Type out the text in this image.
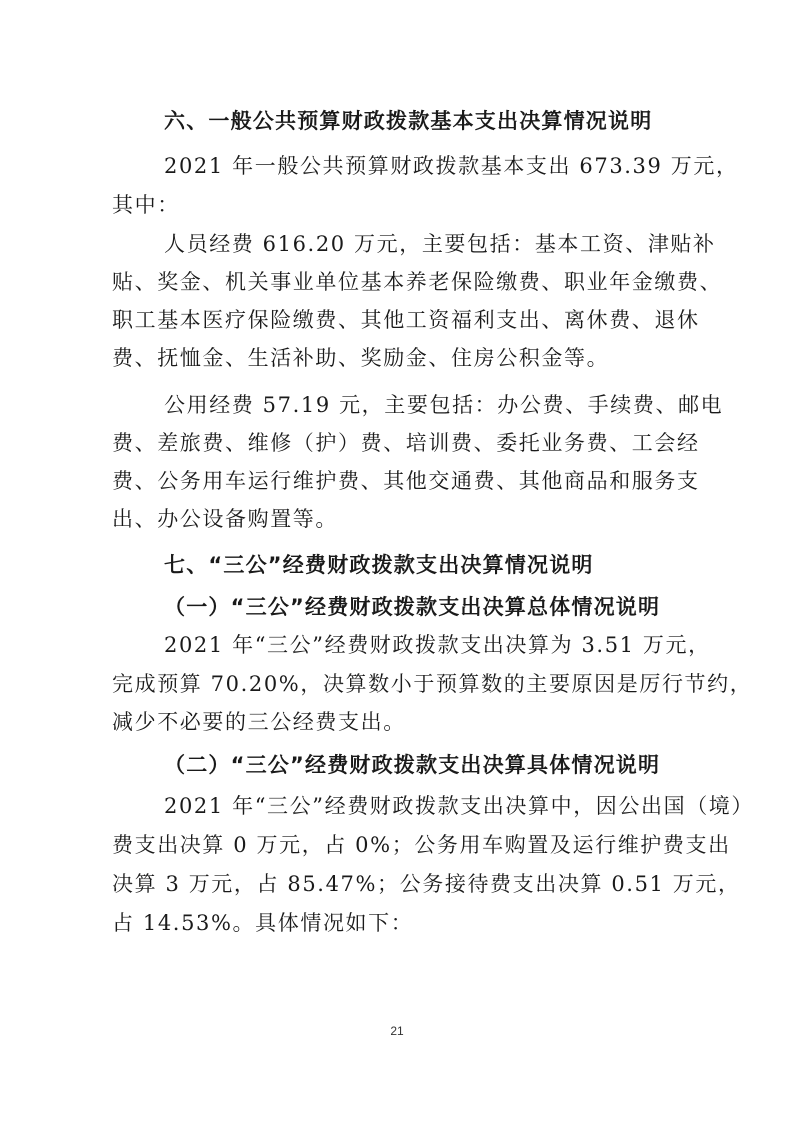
六、一般公共预算财政拨款基本支出决算情况说明
2021 年一般公共预算财政拨款基本支出 673.39 万元，
其中：
人员经费 616.20 万元，主要包括：基本工资、津贴补
贴、奖金、机关事业单位基本养老保险缴费、职业年金缴费、
职工基本医疗保险缴费、其他工资福利支出、离休费、退休
费、抚恤金、生活补助、奖励金、住房公积金等。
公用经费 57.19 元，主要包括：办公费、手续费、邮电
费、差旅费、维修（护）费、培训费、委托业务费、工会经
费、公务用车运行维护费、其他交通费、其他商品和服务支
出、办公设备购置等。
七、“三公”经费财政拨款支出决算情况说明
（一）“三公”经费财政拨款支出决算总体情况说明
2021 年“三公”经费财政拨款支出决算为 3.51 万元，
完成预算 70.20%，决算数小于预算数的主要原因是厉行节约，
减少不必要的三公经费支出。
（二）“三公”经费财政拨款支出决算具体情况说明
2021 年“三公”经费财政拨款支出决算中，因公出国（境）
费支出决算 0 万元，占 0%；公务用车购置及运行维护费支出
决算 3 万元，占 85.47%；公务接待费支出决算 0.51 万元，
占 14.53%。具体情况如下：
21
